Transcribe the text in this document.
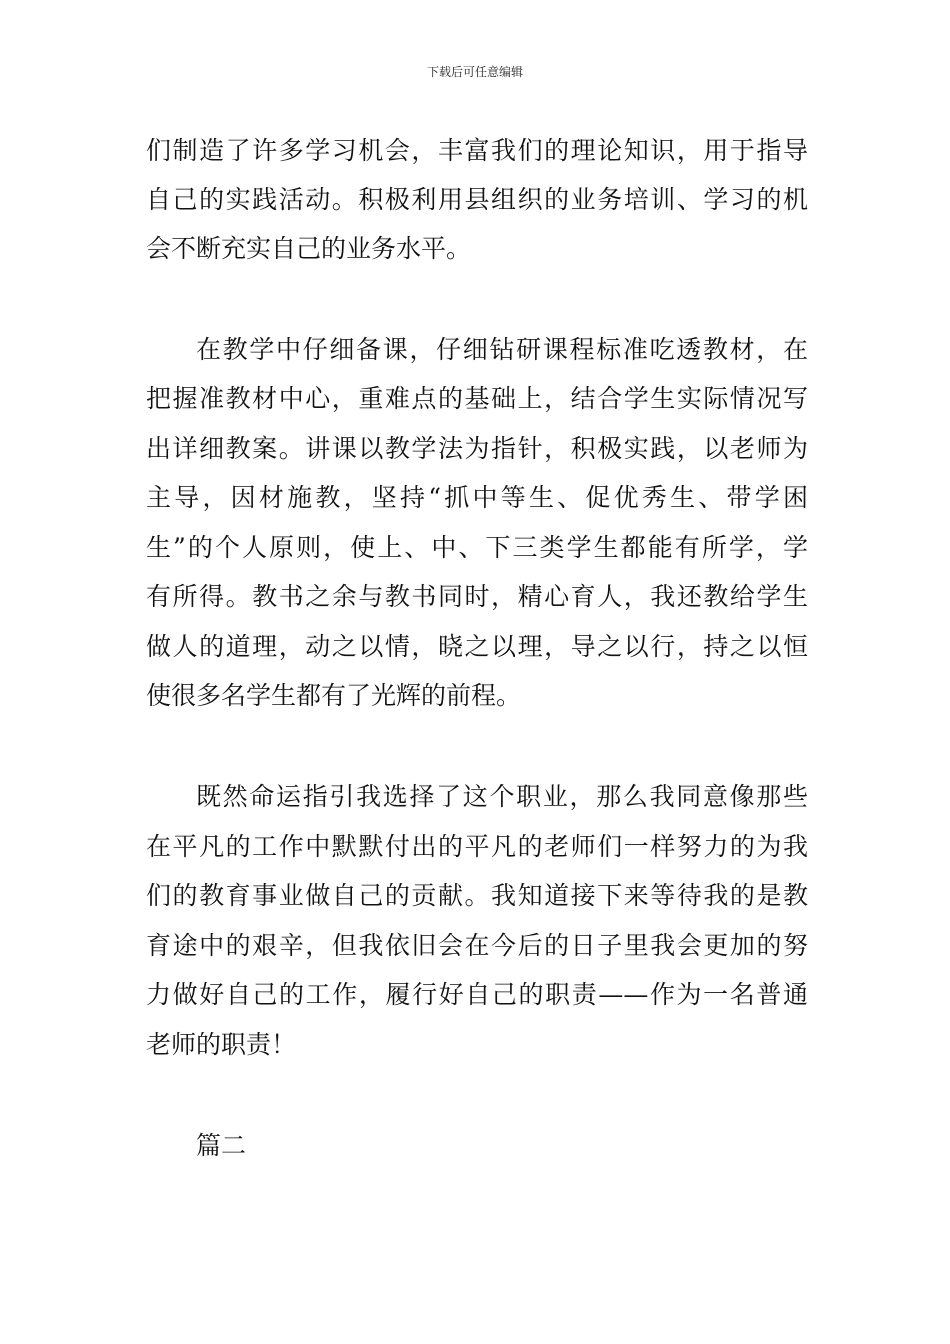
下载后可任意编辑
们制造了许多学习机会，丰富我们的理论知识，用于指导
自己的实践活动。积极利用县组织的业务培训、学习的机
会不断充实自己的业务水平。
在教学中仔细备课，仔细钻研课程标准吃透教材，在
把握准教材中心，重难点的基础上，结合学生实际情况写
出详细教案。讲课以教学法为指针，积极实践，以老师为
主导，因材施教，坚持“抓中等生、促优秀生、带学困
生”的个人原则，使上、中、下三类学生都能有所学，学
有所得。教书之余与教书同时，精心育人，我还教给学生
做人的道理，动之以情，晓之以理，导之以行，持之以恒
使很多名学生都有了光辉的前程。
既然命运指引我选择了这个职业，那么我同意像那些
在平凡的工作中默默付出的平凡的老师们一样努力的为我
们的教育事业做自己的贡献。我知道接下来等待我的是教
育途中的艰辛，但我依旧会在今后的日子里我会更加的努
力做好自己的工作，履行好自己的职责——作为一名普通
老师的职责！
篇二
